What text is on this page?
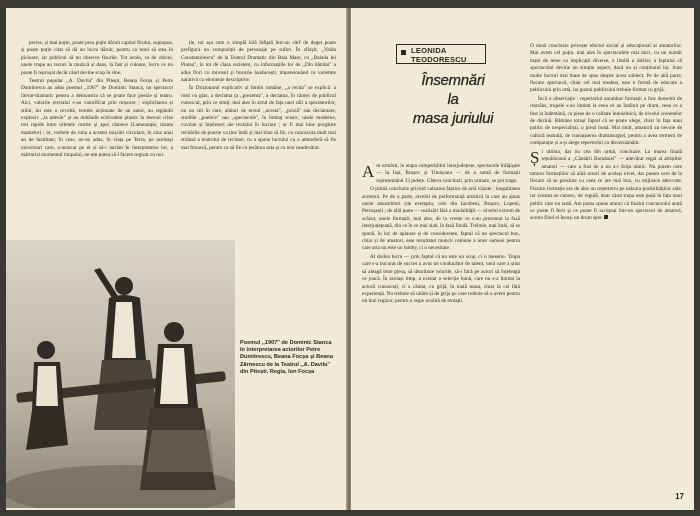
perios, și mai puțin, poate prea puțin dăruit capitol firului, suprapus, și poate puțin citat să dă un lucru dăruit, pentru ca totul să stea în picioare, iar publicul să nu observe fisurile. Tot acolo, ca de obicei, unele trupe au recurs la muzică și dans, la fast și culoare, lucru ce nu poate fi reproșat decât când devine scop în sine.

Teatrul popular ,,A. Davila" din Pitești, Beana Focșa și Petre Dumitrescu au adus poemul ,,1907" de Dominic Stanca, un spectacol literar-dramatic pentru a demonstra că se poate face poezie și teatru. Aici, valorile recitalul s-au valorificat prin mișcare ; explicitarea și stilul, nu este o revoltă, textele acționate de un autor, au regândit exploziv ,,la adevăr" și au dobândit echivalent plastic în mersul crize trei rapide între urletele rostite și apoi cântece (Lamentație, mama mamelor) ; or, vorbele de rima a acestei mișcări circulare, în ziua unui an de fatalitate, în ceas, ne-au adus, în viața pe Terra, pe aceleași universuri care, a-nearcat pe el și să-i intrăm în interpretarea lor, a mărturisi momentul timpului, ne-am putea să-l facem regizat cu noi.

ție, tot așa cum o simplă bilă înfiptă într-un vârf de deget poate prefigura un compoziții de personaje pe suflet. În sfârșit, ,,Vaida Constantinescu" de la Teatrul Dramatic din Baia Mare, cu ,,Balada lui Pintea", în tot de clasa rezistent, cu informațiile lor de ,,Din bătrâni" a adus flori cu mirosul și bucurie haiducești, impresionând cu varietate narativă cu elemente descriptive.

În Dicționarul explicativ al limbii române, ,,a recita" se explică: a rosti cu glas, a declama (a ,,prezenta", a declama, în cântec de publicul cunoscut, prin ce simți, mai ales în actul de fața unei săli a spectatorilor, nu un stil în care, alături de textul ,,acesta", ,,proză" sau declamare, studiile ,,poetice" sau ,,spectacole", în limbaj scenic, unele moderne, cuvinte și înțelesuri ale textului în lucrare ; ar fi mai bine pregătite recitările de poezie va ține întâi și mai bine să fie, cu cunoscuta mult mai strânsă a teatrului de recitare, cu a spune lucrului cu o atmosferă să fie mai firească, pentru ca să fie cu țesătura asta și cu text neadevărat.

Poemul ,,1907" de Dominic Stanca în interpretarea actorilor Petre Dumitrescu, Beana Focșa și Beana Zărnescu de la Teatrul ,,A. Davila" din Pitești. Regia, Ion Focșa
LEONIDA TEODORESCU
Însemnări
la
masa juriului

Am urmărit, în etapa competițiilor interjudețene, spectacole înfățișate — la Iași, Brașov și Timișoara — de a sumă de formații reprezentând 13 județe. Câteva concluzii, prin urmare, se pot trage.

O primă concluzie privind valoarea faptice de artă văzute : inegalitatea acestora. Pe de o parte, nivelul de performanță artistică la care au ajuns unele ansambluri (de exemplu, cele din Iacobeni, Brașov, Lupeni, Petroșani) ; de altă parte — realizări fără a modalității — nivelul extrem de scăzut, unele formații, mai ales, de la vreme ce s-au prezentat la fază interjudețeană, din ce în ce mai slab, în fază finală. Trebuie, mai întâi, să se spună, în loc de aplauze și de considerente, faptul că un spectacol bun, chiar și de amatori, este rezultatul muncii comune a unor oameni pentru care arta nu este un hobby, ci o necesitate.

Al doilea lucru — prin faptul că nu este un scop, ci o meserie. Trupa care s-a bucurat de succes a avut un conducător de talent, unul care a știut să aleagă bine piesa, să distribuie rolurile, să-i facă pe actori să înțeleagă ce joacă. În același timp, a existat o selecție bună, care nu s-a limitat la actorii cunoscuți, ci a căutat, cu grijă, în toată masa, chiar la cei fără experiență. Nu trebuie să uităm și de grija pe care trebuie să o avem pentru un bun regizor, pentru o regie ocolită de tentații.

O două concluzie privește efectul social și educațional al amatorilor. Mai avem cel puțin, mai ales în spectacolele mai mici, cu un număr mare de teme cu implicații diverse, o limită a ideilor, a faptului că spectacolul devine un simplu aspect, dacă nu și conținutul lui. Sunt multe lucruri mai bune de spus despre acest subiect. Pe de altă parte, fiecare spectacol, chiar cel mai modest, este o formă de educare a publicului prin artă, iar gustul publicului trebuie format cu grijă.

Încă o observație : repertoriul anumitor formații a fost deosebit de restrâns, trupele s-au limitat la ceea ce au întâlnit pe drum, ceea ce a fost la îndemână, ca piese de o calitate îndoielnică, de nivelul scenetelor de duzină. Rămâne totuși faptul că se poate alege, chiar în fața unui public de nespecialiști, o piesă bună. Mai mult, amatorii au nevoie de cultură teatrală, de cunoașterea dramaturgiei, pentru a avea termeni de comparație și a-și alege repertoriul cu discernământ.

Și ultima, dar nu cea din urmă, concluzie. La marea finală republicană a ,,Cântării României" — adevărat regal al artiștilor amatori — care a fost de a nu a-i forța nimic. Nu putem cere tuturor formațiilor să aibă actori de același nivel, dar putem cere de la fiecare să se prezinte cu ceea ce are mai bun, cu mijloace adecvate. Fiecare formație are de ales un repertoriu pe măsura posibilităților sale, iar acestea se cunosc, de regulă, doar când trupa este pusă în fața unui public care nu iartă. Am putea spune atunci că finalul concursului arată ce poate fi ferit și ce poate fi acceptat într-un spectacol de amatori, acesta fiind el însuși un drum spre

17
